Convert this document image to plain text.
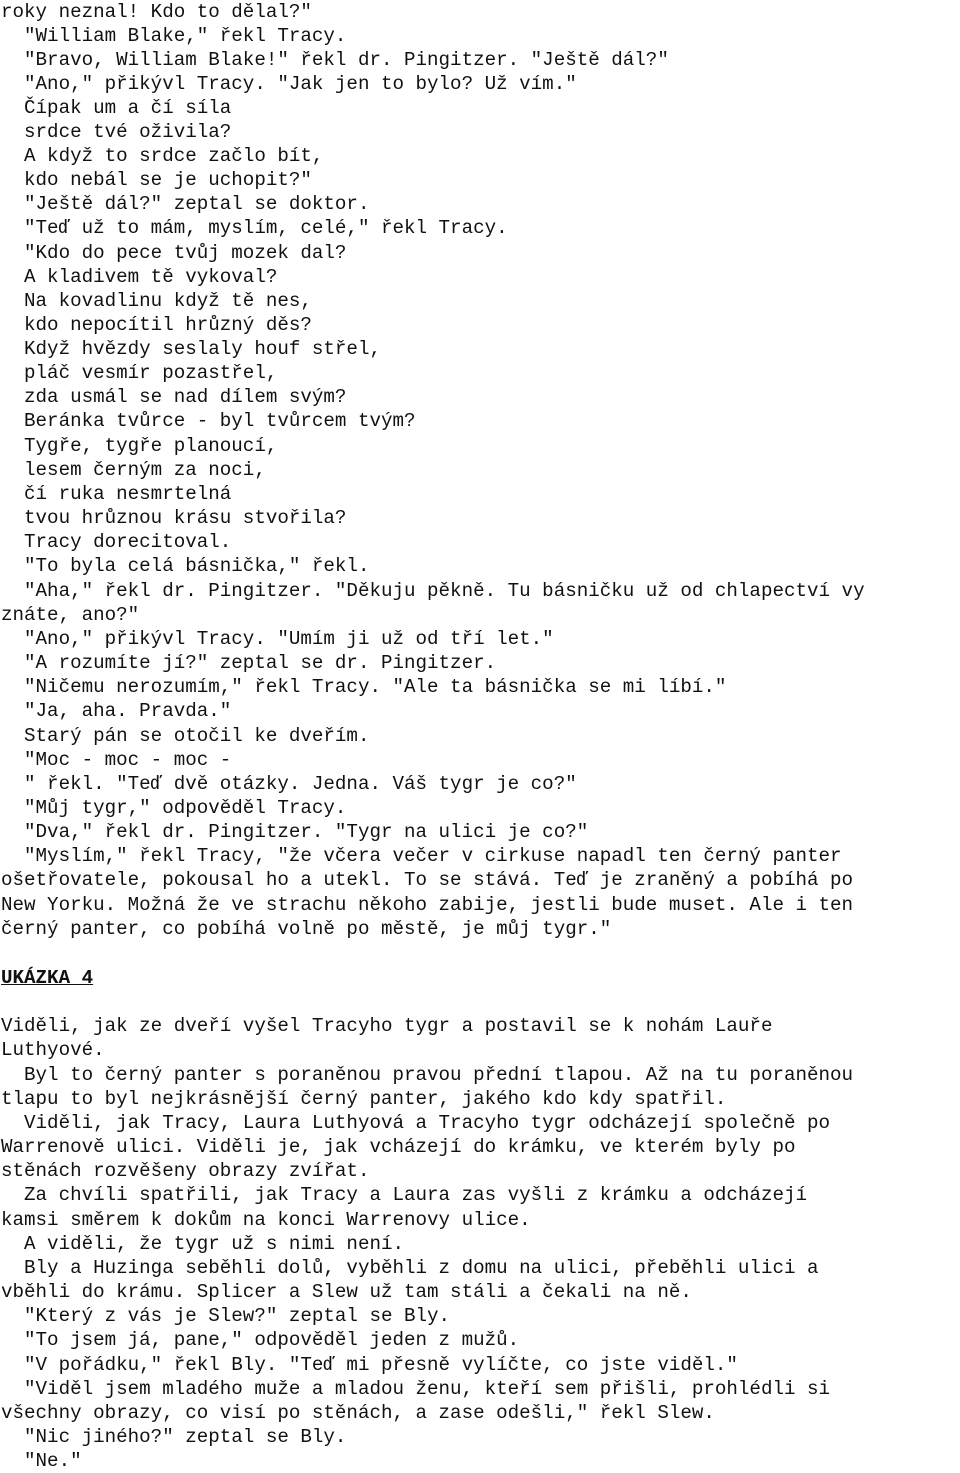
roky neznal! Kdo to dělal?"
"William Blake," řekl Tracy.
"Bravo, William Blake!" řekl dr. Pingitzer. "Ještě dál?"
"Ano," přikývl Tracy. "Jak jen to bylo? Už vím."
Čípak um a čí síla
srdce tvé oživila?
A když to srdce začlo bít,
kdo nebál se je uchopit?"
"Ještě dál?" zeptal se doktor.
"Teď už to mám, myslím, celé," řekl Tracy.
"Kdo do pece tvůj mozek dal?
A kladivem tě vykoval?
Na kovadlinu když tě nes,
kdo nepocítil hrůzný děs?
Když hvězdy seslaly houf střel,
pláč vesmír pozastřel,
zda usmál se nad dílem svým?
Beránka tvůrce - byl tvůrcem tvým?
Tygře, tygře planoucí,
lesem černým za noci,
čí ruka nesmrtelná
tvou hrůznou krásu stvořila?
Tracy dorecitoval.
"To byla celá básnička," řekl.
"Aha," řekl dr. Pingitzer. "Děkuju pěkně. Tu básničku už od chlapectví vy
znáte, ano?"
"Ano," přikývl Tracy. "Umím ji už od tří let."
"A rozumíte jí?" zeptal se dr. Pingitzer.
"Ničemu nerozumím," řekl Tracy. "Ale ta básnička se mi líbí."
"Ja, aha. Pravda."
Starý pán se otočil ke dveřím.
"Moc - moc - moc -
" řekl. "Teď dvě otázky. Jedna. Váš tygr je co?"
"Můj tygr," odpověděl Tracy.
"Dva," řekl dr. Pingitzer. "Tygr na ulici je co?"
"Myslím," řekl Tracy, "že včera večer v cirkuse napadl ten černý panter
ošetřovatele, pokousal ho a utekl. To se stává. Teď je zraněný a pobíhá po
New Yorku. Možná že ve strachu někoho zabije, jestli bude muset. Ale i ten
černý panter, co pobíhá volně po městě, je můj tygr."
UKÁZKA 4
Viděli, jak ze dveří vyšel Tracyho tygr a postavil se k nohám Lauře
Luthyové.
Byl to černý panter s poraněnou pravou přední tlapou. Až na tu poraněnou
tlapu to byl nejkrásnější černý panter, jakého kdo kdy spatřil.
Viděli, jak Tracy, Laura Luthyová a Tracyho tygr odcházejí společně po
Warrenově ulici. Viděli je, jak vcházejí do krámku, ve kterém byly po
stěnách rozvěšeny obrazy zvířat.
Za chvíli spatřili, jak Tracy a Laura zas vyšli z krámku a odcházejí
kamsi směrem k dokům na konci Warrenovy ulice.
A viděli, že tygr už s nimi není.
Bly a Huzinga seběhli dolů, vyběhli z domu na ulici, přeběhli ulici a
vběhli do krámu. Splicer a Slew už tam stáli a čekali na ně.
"Který z vás je Slew?" zeptal se Bly.
"To jsem já, pane," odpověděl jeden z mužů.
"V pořádku," řekl Bly. "Teď mi přesně vylíčte, co jste viděl."
"Viděl jsem mladého muže a mladou ženu, kteří sem přišli, prohlédli si
všechny obrazy, co visí po stěnách, a zase odešli," řekl Slew.
"Nic jiného?" zeptal se Bly.
"Ne."
